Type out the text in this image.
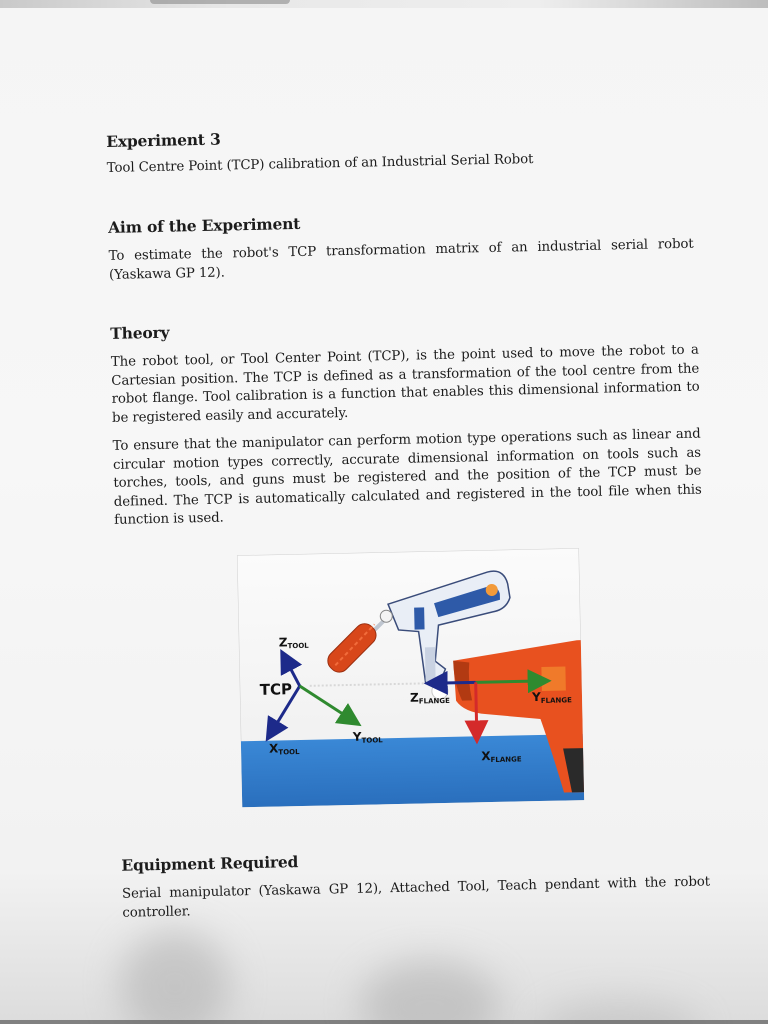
Experiment 3

Tool Centre Point (TCP) calibration of an Industrial Serial Robot

Aim of the Experiment

To estimate the robot's TCP transformation matrix of an industrial serial robot (Yaskawa GP 12).

Theory

The robot tool, or Tool Center Point (TCP), is the point used to move the robot to a Cartesian position. The TCP is defined as a transformation of the tool centre from the robot flange. Tool calibration is a function that enables this dimensional information to be registered easily and accurately.

To ensure that the manipulator can perform motion type operations such as linear and circular motion types correctly, accurate dimensional information on tools such as torches, tools, and guns must be registered and the position of the TCP must be defined. The TCP is automatically calculated and registered in the tool file when this function is used.

TCP
ZTOOL
XTOOL
YTOOL
ZFLANGE	YFLANGE
XFLANGE
Equipment Required

Serial manipulator (Yaskawa GP 12), Attached Tool, Teach pendant with the robot controller.
